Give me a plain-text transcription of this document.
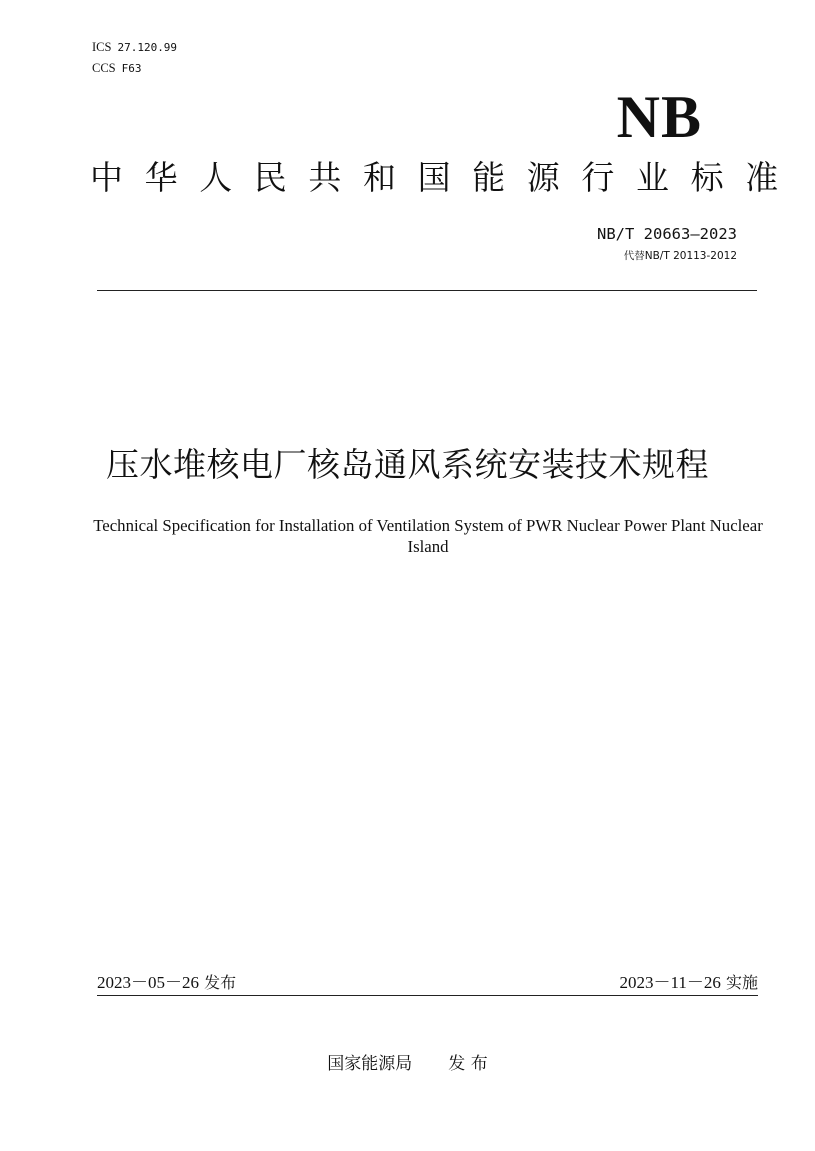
ICS 27.120.99
CCS F63
NB
中华人民共和国能源行业标准
NB/T 20663—2023
代替NB/T 20113-2012
压水堆核电厂核岛通风系统安装技术规程
Technical Specification for Installation of Ventilation System of PWR Nuclear Power Plant Nuclear Island
2023－05－26 发布	2023－11－26 实施
国家能源局 发 布
